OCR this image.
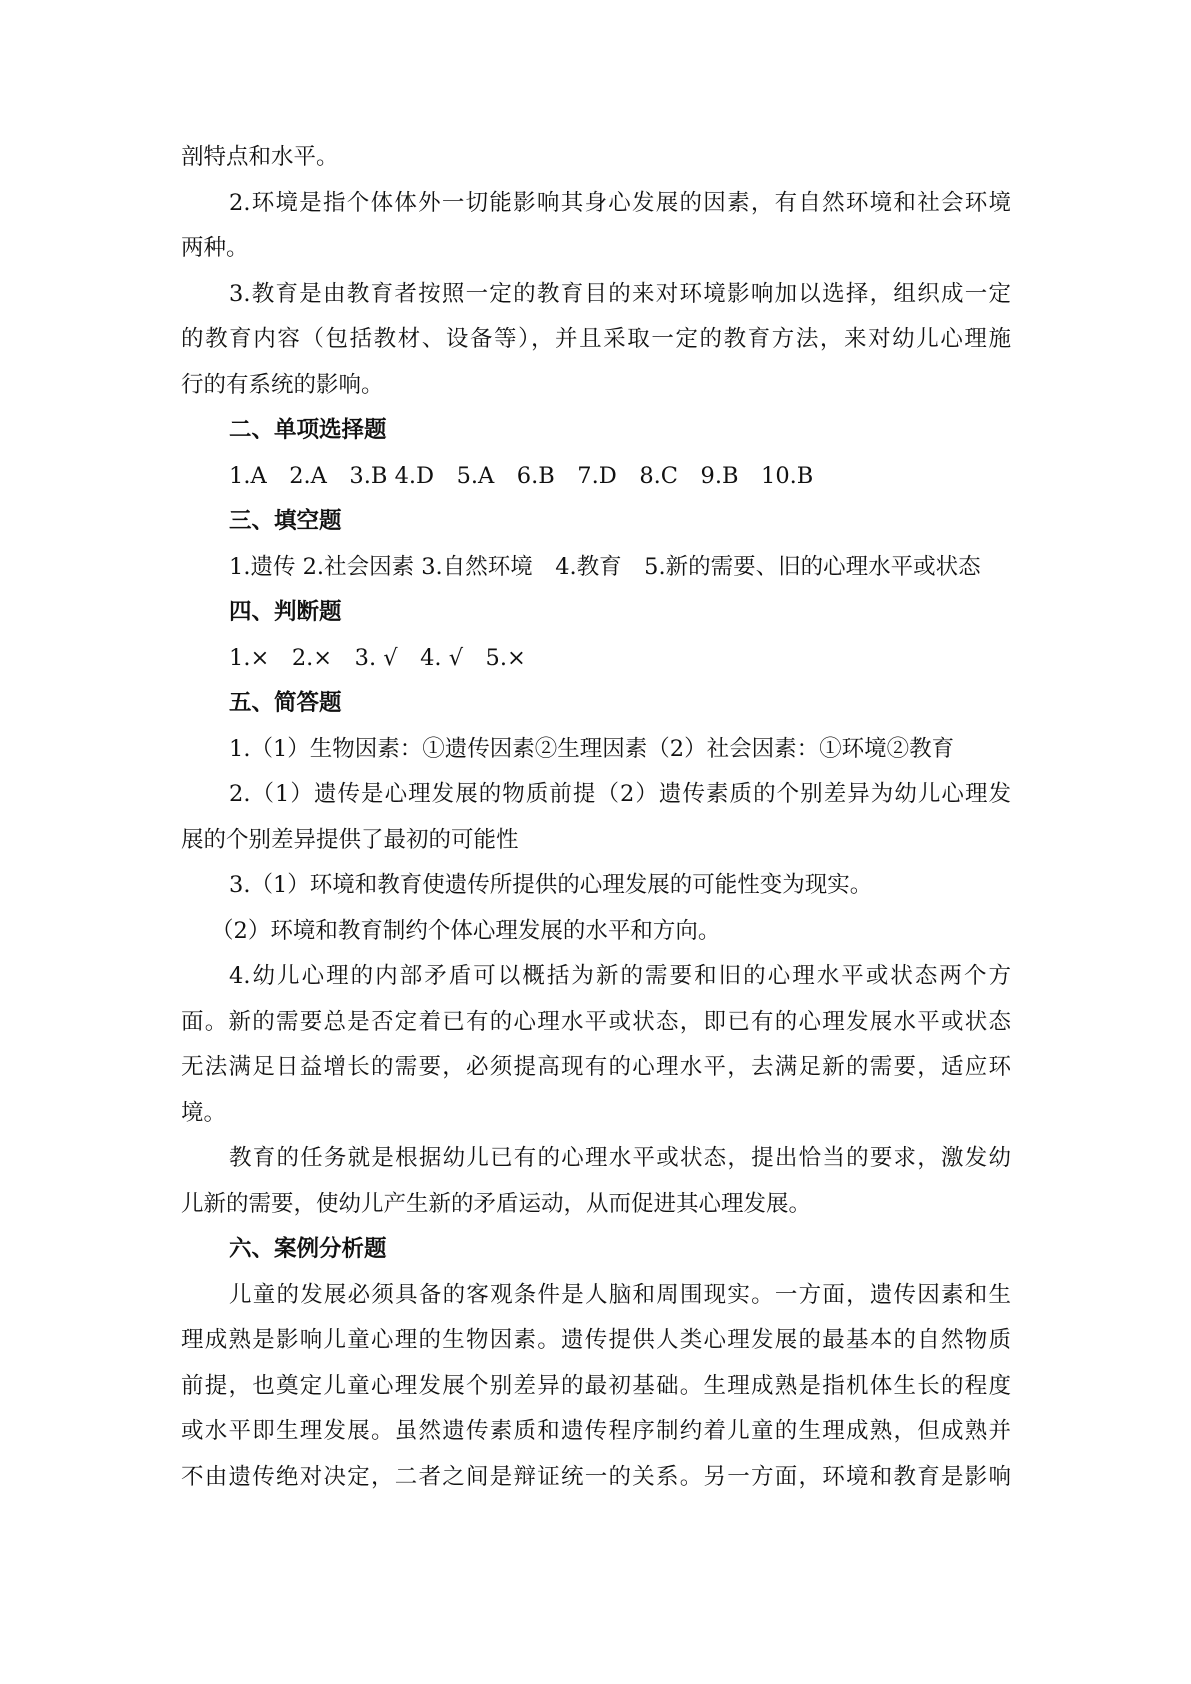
剖特点和水平。
2.环境是指个体体外一切能影响其身心发展的因素，有自然环境和社会环境
两种。
3.教育是由教育者按照一定的教育目的来对环境影响加以选择，组织成一定
的教育内容（包括教材、设备等），并且采取一定的教育方法，来对幼儿心理施
行的有系统的影响。
二、单项选择题
1.A　2.A　3.B 4.D　5.A　6.B　7.D　8.C　9.B　10.B
三、填空题
1.遗传 2.社会因素 3.自然环境　4.教育　5.新的需要、旧的心理水平或状态
四、判断题
1.×　2.×　3. √　4. √　5.×
五、简答题
1.（1）生物因素：①遗传因素②生理因素（2）社会因素：①环境②教育
2.（1）遗传是心理发展的物质前提（2）遗传素质的个别差异为幼儿心理发
展的个别差异提供了最初的可能性
3.（1）环境和教育使遗传所提供的心理发展的可能性变为现实。
（2）环境和教育制约个体心理发展的水平和方向。
4.幼儿心理的内部矛盾可以概括为新的需要和旧的心理水平或状态两个方
面。新的需要总是否定着已有的心理水平或状态，即已有的心理发展水平或状态
无法满足日益增长的需要，必须提高现有的心理水平，去满足新的需要，适应环
境。
教育的任务就是根据幼儿已有的心理水平或状态，提出恰当的要求，激发幼
儿新的需要，使幼儿产生新的矛盾运动，从而促进其心理发展。
六、案例分析题
儿童的发展必须具备的客观条件是人脑和周围现实。一方面，遗传因素和生
理成熟是影响儿童心理的生物因素。遗传提供人类心理发展的最基本的自然物质
前提，也奠定儿童心理发展个别差异的最初基础。生理成熟是指机体生长的程度
或水平即生理发展。虽然遗传素质和遗传程序制约着儿童的生理成熟，但成熟并
不由遗传绝对决定，二者之间是辩证统一的关系。另一方面，环境和教育是影响
